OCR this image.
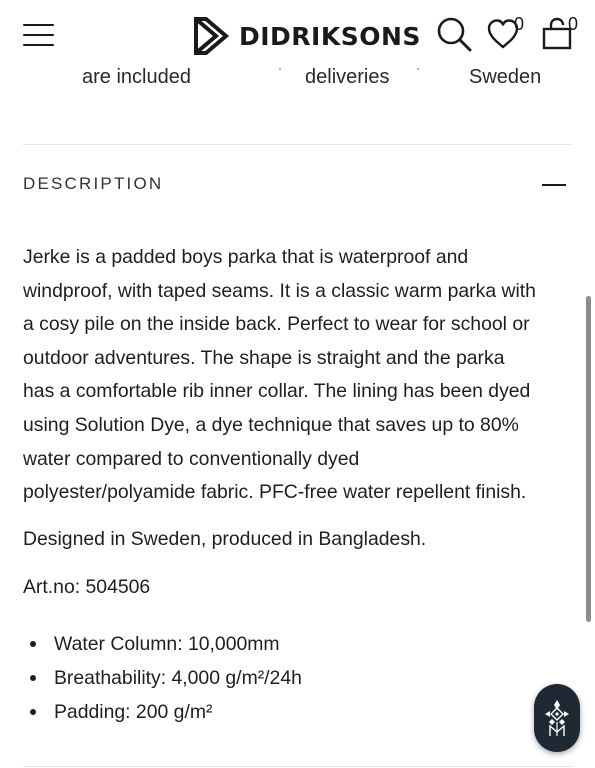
DIDRIKSONS	0 0
are included	deliveries	Sweden
DESCRIPTION

Jerke is a padded boys parka that is waterproof and
windproof, with taped seams. It is a classic warm parka with
a cosy pile on the inside back. Perfect to wear for school or
outdoor adventures. The shape is straight and the parka
has a comfortable rib inner collar. The lining has been dyed
using Solution Dye, a dye technique that saves up to 80%
water compared to conventionally dyed
polyester/polyamide fabric. PFC-free water repellent finish.

Designed in Sweden, produced in Bangladesh.

Art.no: 504506

Water Column: 10,000mm
Breathability: 4,000 g/m²/24h
Padding: 200 g/m²
